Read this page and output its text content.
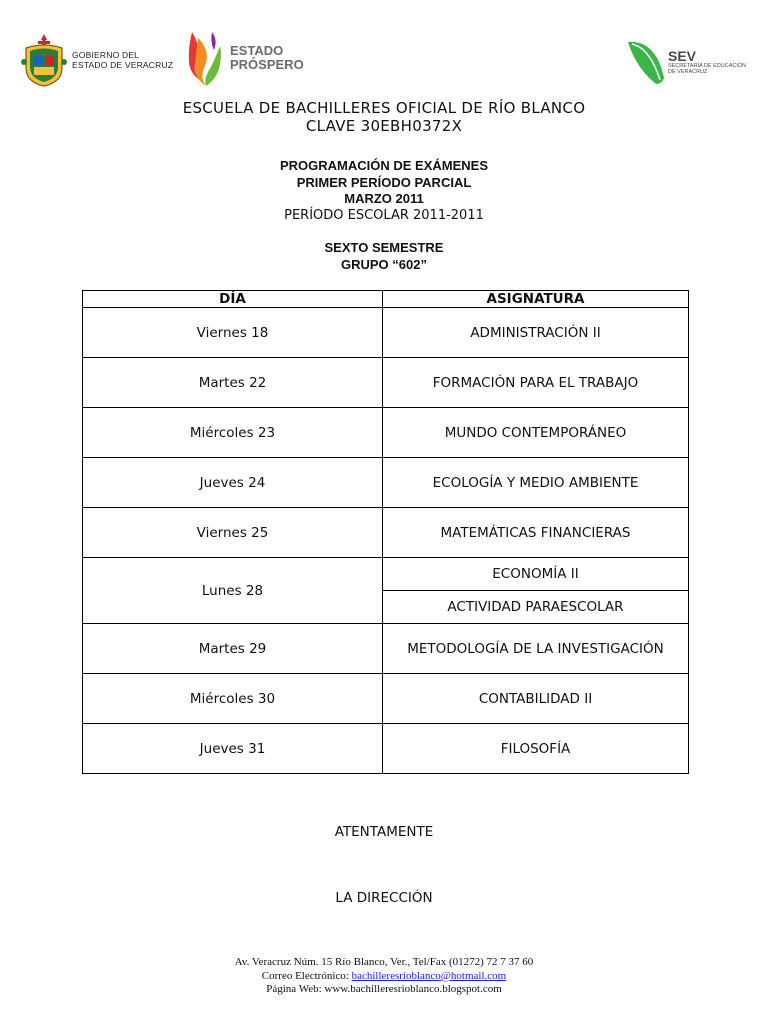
GOBIERNO DEL
ESTADO DE VERACRUZ
ESTADO
PRÓSPERO
SEV
SECRETARÍA DE EDUCACIÓN
DE VERACRUZ
ESCUELA DE BACHILLERES OFICIAL DE RÍO BLANCO
CLAVE 30EBH0372X
PROGRAMACIÓN DE EXÁMENES
PRIMER PERÍODO PARCIAL
MARZO 2011
PERÍODO ESCOLAR 2011-2011
SEXTO SEMESTRE
GRUPO “602”
DÍA	ASIGNATURA
Viernes 18	ADMINISTRACIÓN II
Martes 22	FORMACIÓN PARA EL TRABAJO
Miércoles 23	MUNDO CONTEMPORÁNEO
Jueves 24	ECOLOGÍA Y MEDIO AMBIENTE
Viernes 25	MATEMÁTICAS FINANCIERAS
Lunes 28	ECONOMÍA II
	ACTIVIDAD PARAESCOLAR
Martes 29	METODOLOGÍA DE LA INVESTIGACIÓN
Miércoles 30	CONTABILIDAD II
Jueves 31	FILOSOFÍA
ATENTAMENTE
LA DIRECCIÓN
Av. Veracruz Núm. 15 Río Blanco, Ver., Tel/Fax (01272) 72 7 37 60
Correo Electrónico: bachilleresrioblanco@hotmail.com
Página Web: www.bachilleresrioblanco.blogspot.com
